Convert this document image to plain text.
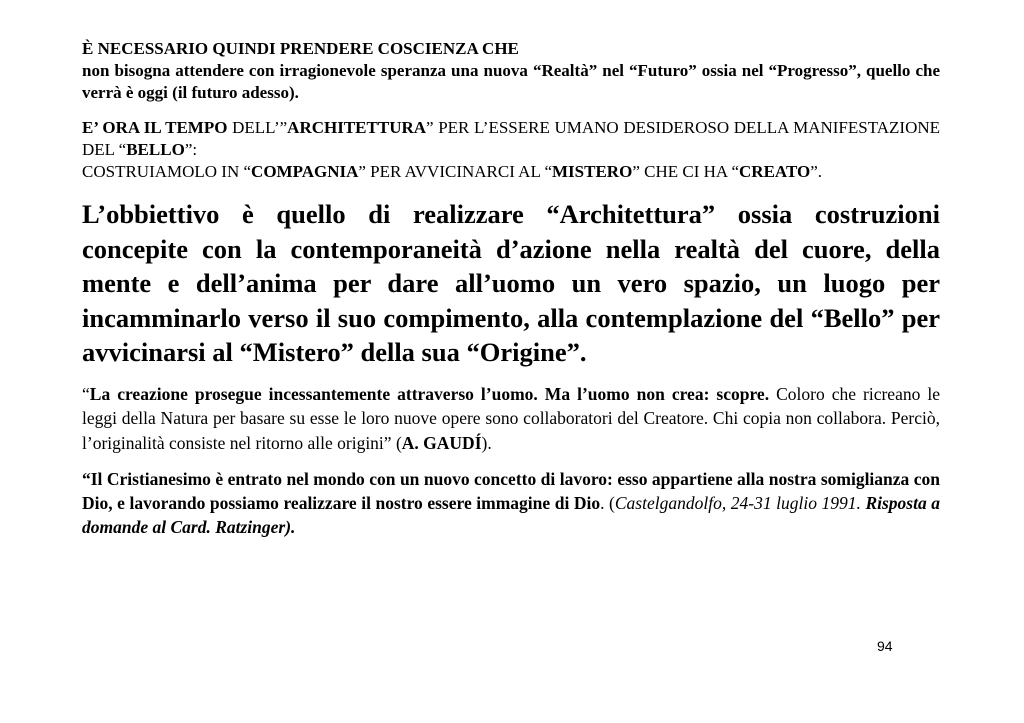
È NECESSARIO QUINDI PRENDERE COSCIENZA CHE

non bisogna attendere con irragionevole speranza una nuova “Realtà” nel “Futuro” ossia nel “Progresso”, quello che verrà è oggi (il futuro adesso).

E’ ORA IL TEMPO DELL’”ARCHITETTURA” PER L’ESSERE UMANO DESIDEROSO DELLA MANIFESTAZIONE DEL “BELLO”:

COSTRUIAMOLO IN “COMPAGNIA” PER AVVICINARCI AL “MISTERO” CHE CI HA “CREATO”.

L’obbiettivo è quello di realizzare “Architettura” ossia costruzioni concepite con la contemporaneità d’azione nella realtà del cuore, della mente e dell’anima per dare all’uomo un vero spazio, un luogo per incamminarlo verso il suo compimento, alla contemplazione del “Bello” per avvicinarsi al “Mistero” della sua “Origine”.

“La creazione prosegue incessantemente attraverso l’uomo. Ma l’uomo non crea: scopre. Coloro che ricreano le leggi della Natura per basare su esse le loro nuove opere sono collaboratori del Creatore. Chi copia non collabora. Perciò, l’originalità consiste nel ritorno alle origini” (A. GAUDÍ).

“Il Cristianesimo è entrato nel mondo con un nuovo concetto di lavoro: esso appartiene alla nostra somiglianza con Dio, e lavorando possiamo realizzare il nostro essere immagine di Dio. (Castelgandolfo, 24-31 luglio 1991. Risposta a domande al Card. Ratzinger).

94
